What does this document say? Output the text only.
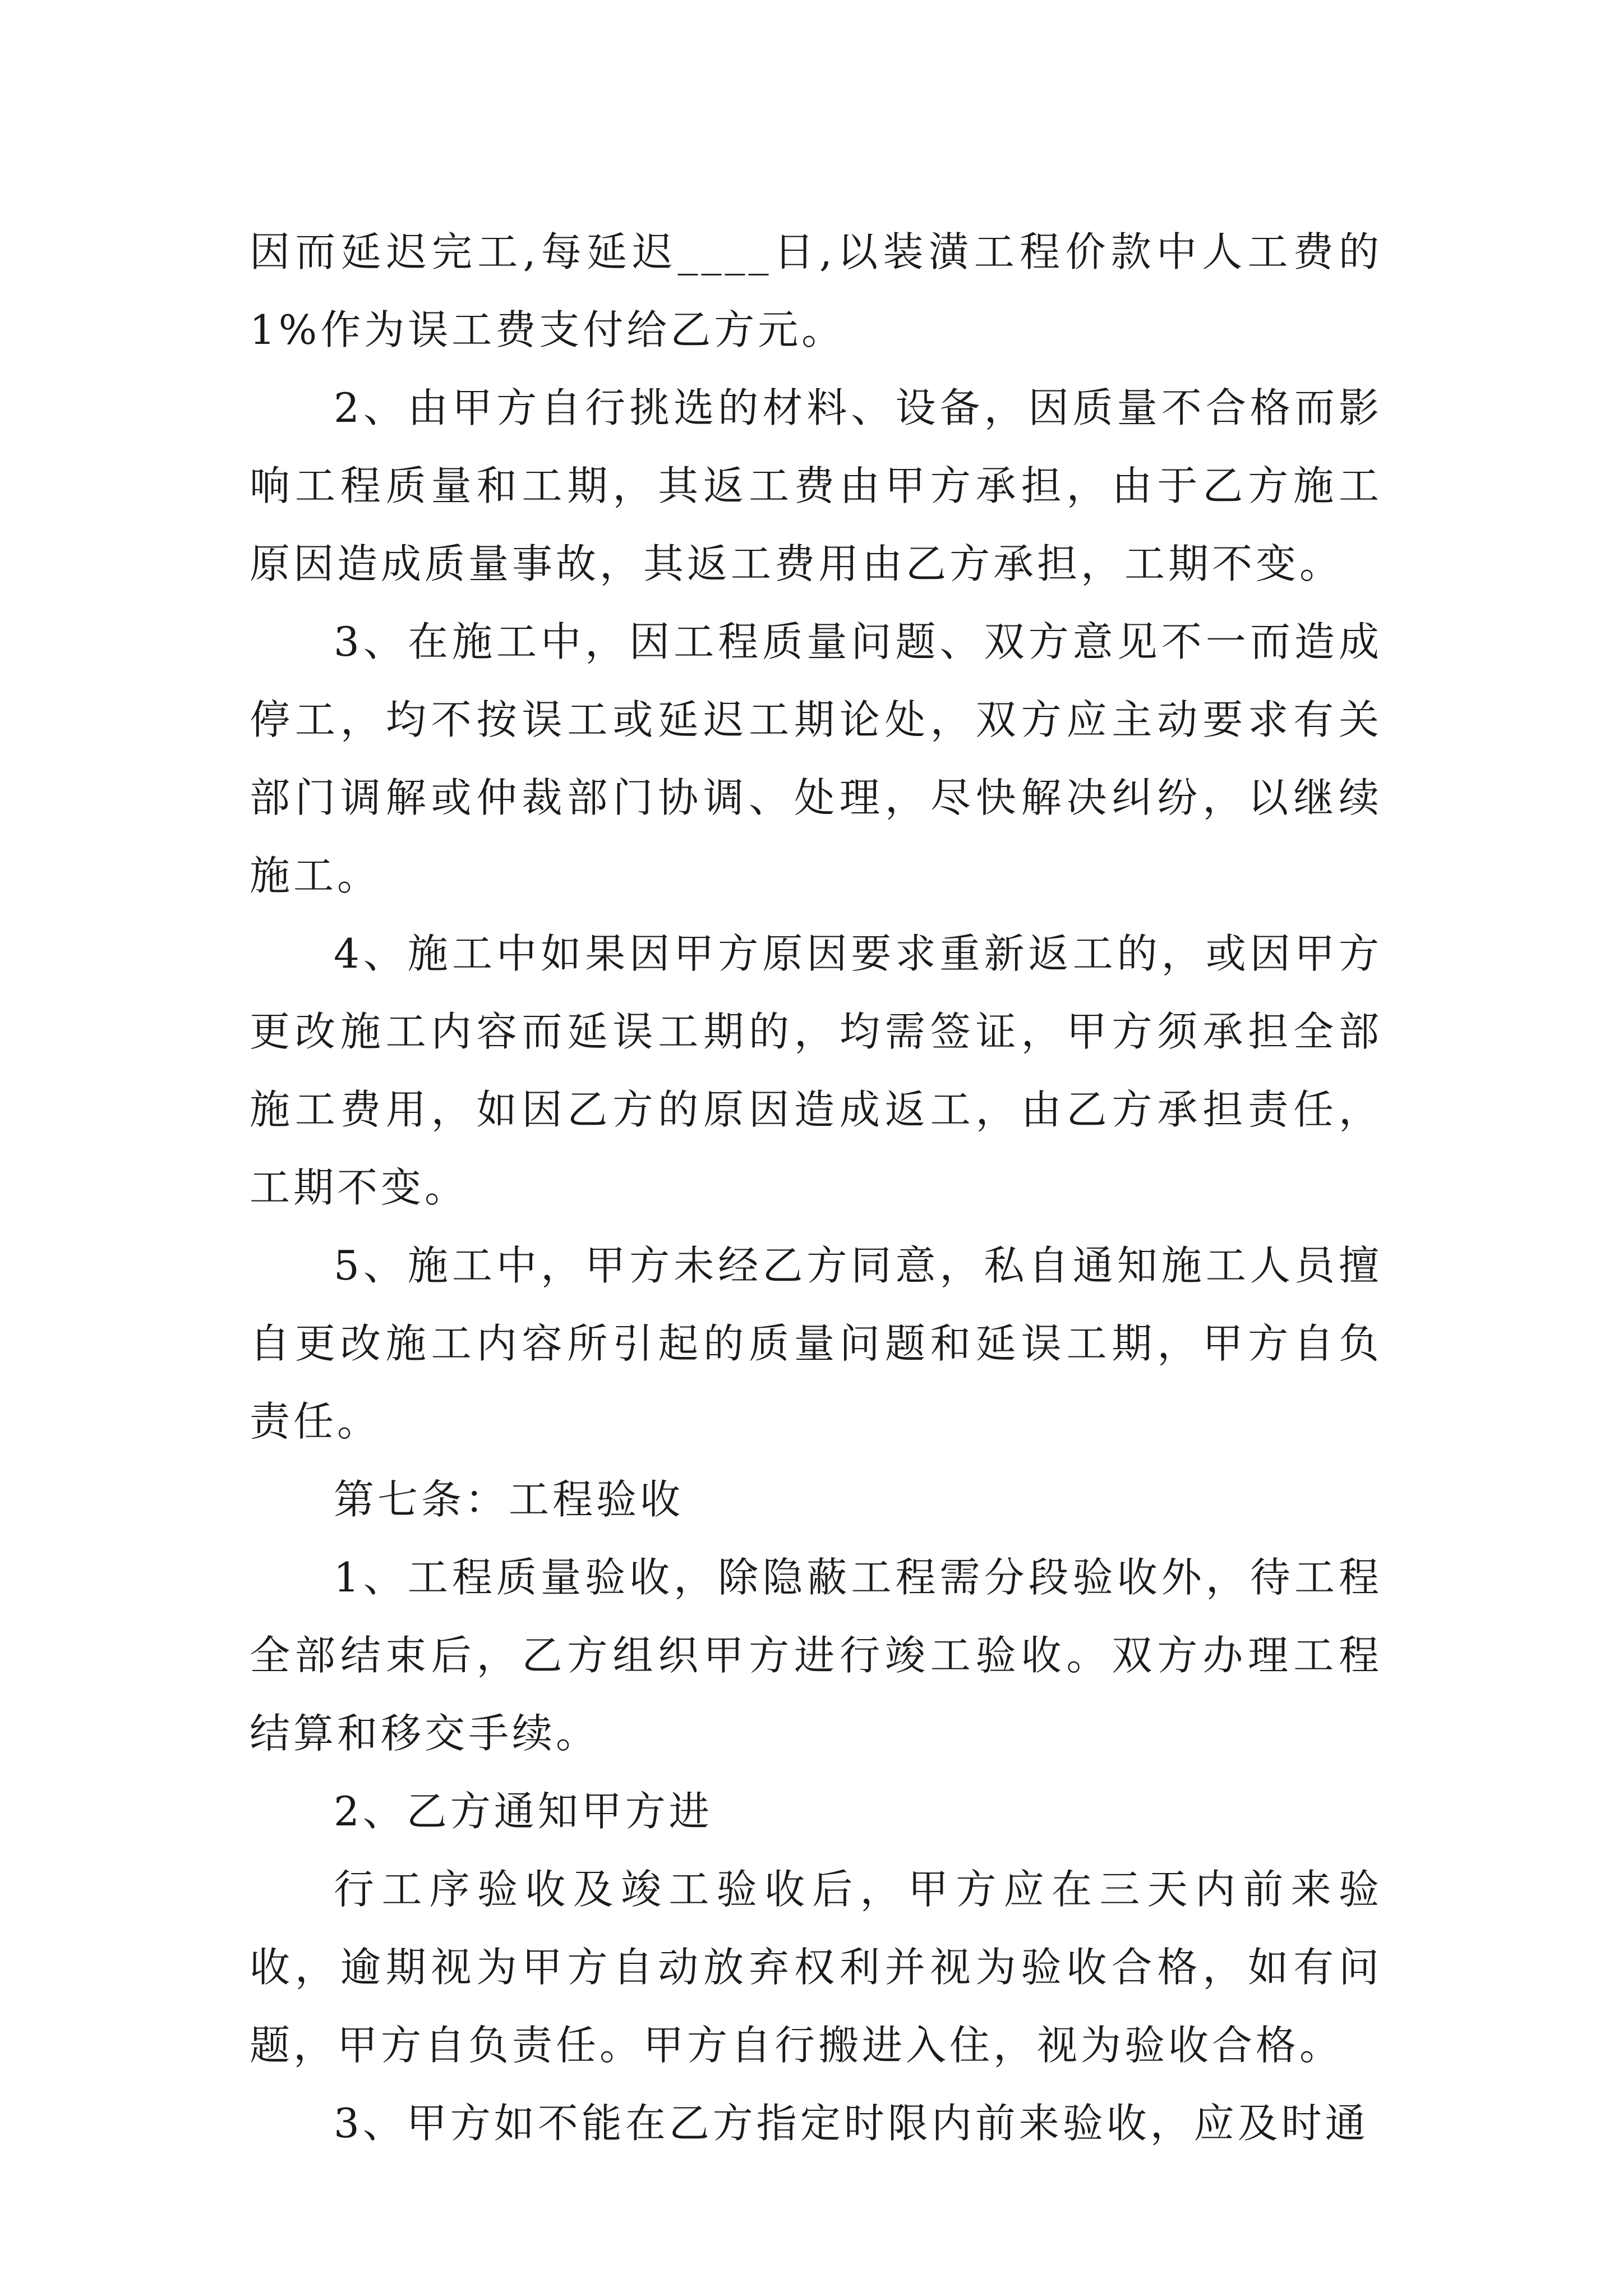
因而延迟完工,每延迟____日,以装潢工程价款中人工费的1%作为误工费支付给乙方元。

2、由甲方自行挑选的材料、设备，因质量不合格而影响工程质量和工期，其返工费由甲方承担，由于乙方施工原因造成质量事故，其返工费用由乙方承担，工期不变。

3、在施工中，因工程质量问题、双方意见不一而造成停工，均不按误工或延迟工期论处，双方应主动要求有关部门调解或仲裁部门协调、处理，尽快解决纠纷，以继续施工。

4、施工中如果因甲方原因要求重新返工的，或因甲方更改施工内容而延误工期的，均需签证，甲方须承担全部施工费用，如因乙方的原因造成返工，由乙方承担责任，工期不变。

5、施工中，甲方未经乙方同意，私自通知施工人员擅自更改施工内容所引起的质量问题和延误工期，甲方自负责任。

第七条：工程验收

1、工程质量验收，除隐蔽工程需分段验收外，待工程全部结束后，乙方组织甲方进行竣工验收。双方办理工程结算和移交手续。

2、乙方通知甲方进

行工序验收及竣工验收后，甲方应在三天内前来验收，逾期视为甲方自动放弃权利并视为验收合格，如有问题，甲方自负责任。甲方自行搬进入住，视为验收合格。

3、甲方如不能在乙方指定时限内前来验收，应及时通
